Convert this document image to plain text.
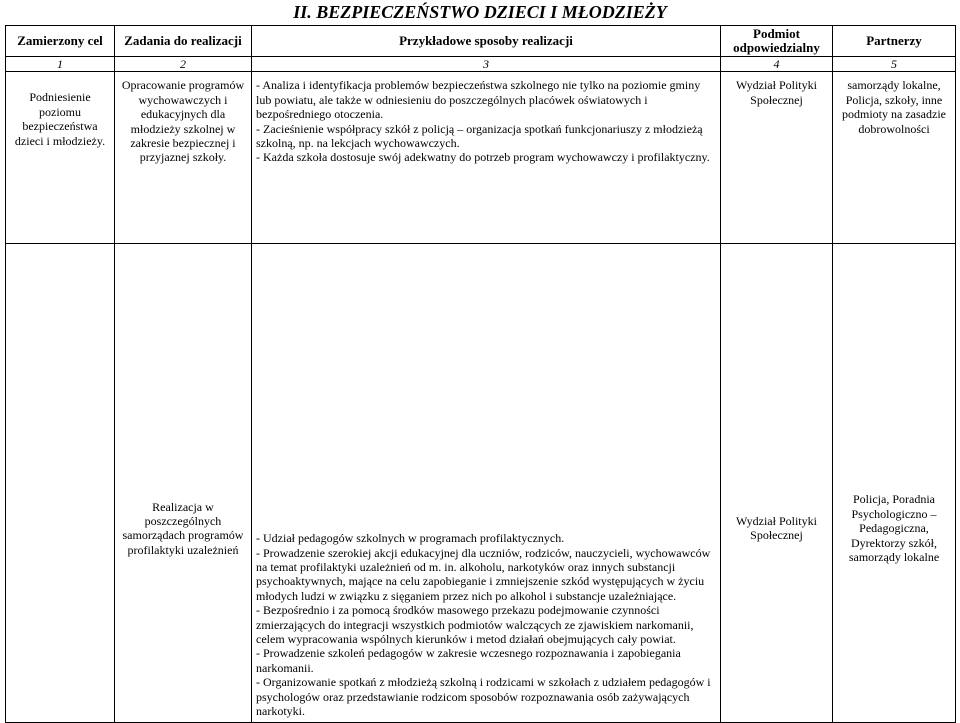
II. BEZPIECZEŃSTWO DZIECI I MŁODZIEŻY
Zamierzony cel	Zadania do realizacji	Przykładowe sposoby realizacji	Podmiot odpowiedzialny	Partnerzy
1	2	3	4	5
Podniesienie poziomu bezpieczeństwa dzieci i młodzieży.	Opracowanie programów wychowawczych i edukacyjnych dla młodzieży szkolnej w zakresie bezpiecznej i przyjaznej szkoły.	- Analiza i identyfikacja problemów bezpieczeństwa szkolnego nie tylko na poziomie gminy lub powiatu, ale także w odniesieniu do poszczególnych placówek oświatowych i bezpośredniego otoczenia.
- Zacieśnienie współpracy szkół z policją – organizacja spotkań funkcjonariuszy z młodzieżą szkolną, np. na lekcjach wychowawczych.
- Każda szkoła dostosuje swój adekwatny do potrzeb program wychowawczy i profilaktyczny.	Wydział Polityki Społecznej	samorządy lokalne, Policja, szkoły, inne podmioty na zasadzie dobrowolności
	Realizacja w poszczególnych samorządach programów profilaktyki uzależnień	- Udział pedagogów szkolnych w programach profilaktycznych.
- Prowadzenie szerokiej akcji edukacyjnej dla uczniów, rodziców, nauczycieli, wychowawców na temat profilaktyki uzależnień od m. in. alkoholu, narkotyków oraz innych substancji psychoaktywnych, mające na celu zapobieganie i zmniejszenie szkód występujących w życiu młodych ludzi w związku z sięganiem przez nich po alkohol i substancje uzależniające.
- Bezpośrednio i za pomocą środków masowego przekazu podejmowanie czynności zmierzających do integracji wszystkich podmiotów walczących ze zjawiskiem narkomanii, celem wypracowania wspólnych kierunków i metod działań obejmujących cały powiat.
- Prowadzenie szkoleń pedagogów w zakresie wczesnego rozpoznawania i zapobiegania narkomanii.
- Organizowanie spotkań z młodzieżą szkolną i rodzicami w szkołach z udziałem pedagogów i psychologów oraz przedstawianie rodzicom sposobów rozpoznawania osób zażywających narkotyki.	Wydział Polityki Społecznej	Policja, Poradnia Psychologiczno – Pedagogiczna, Dyrektorzy szkół, samorządy lokalne
